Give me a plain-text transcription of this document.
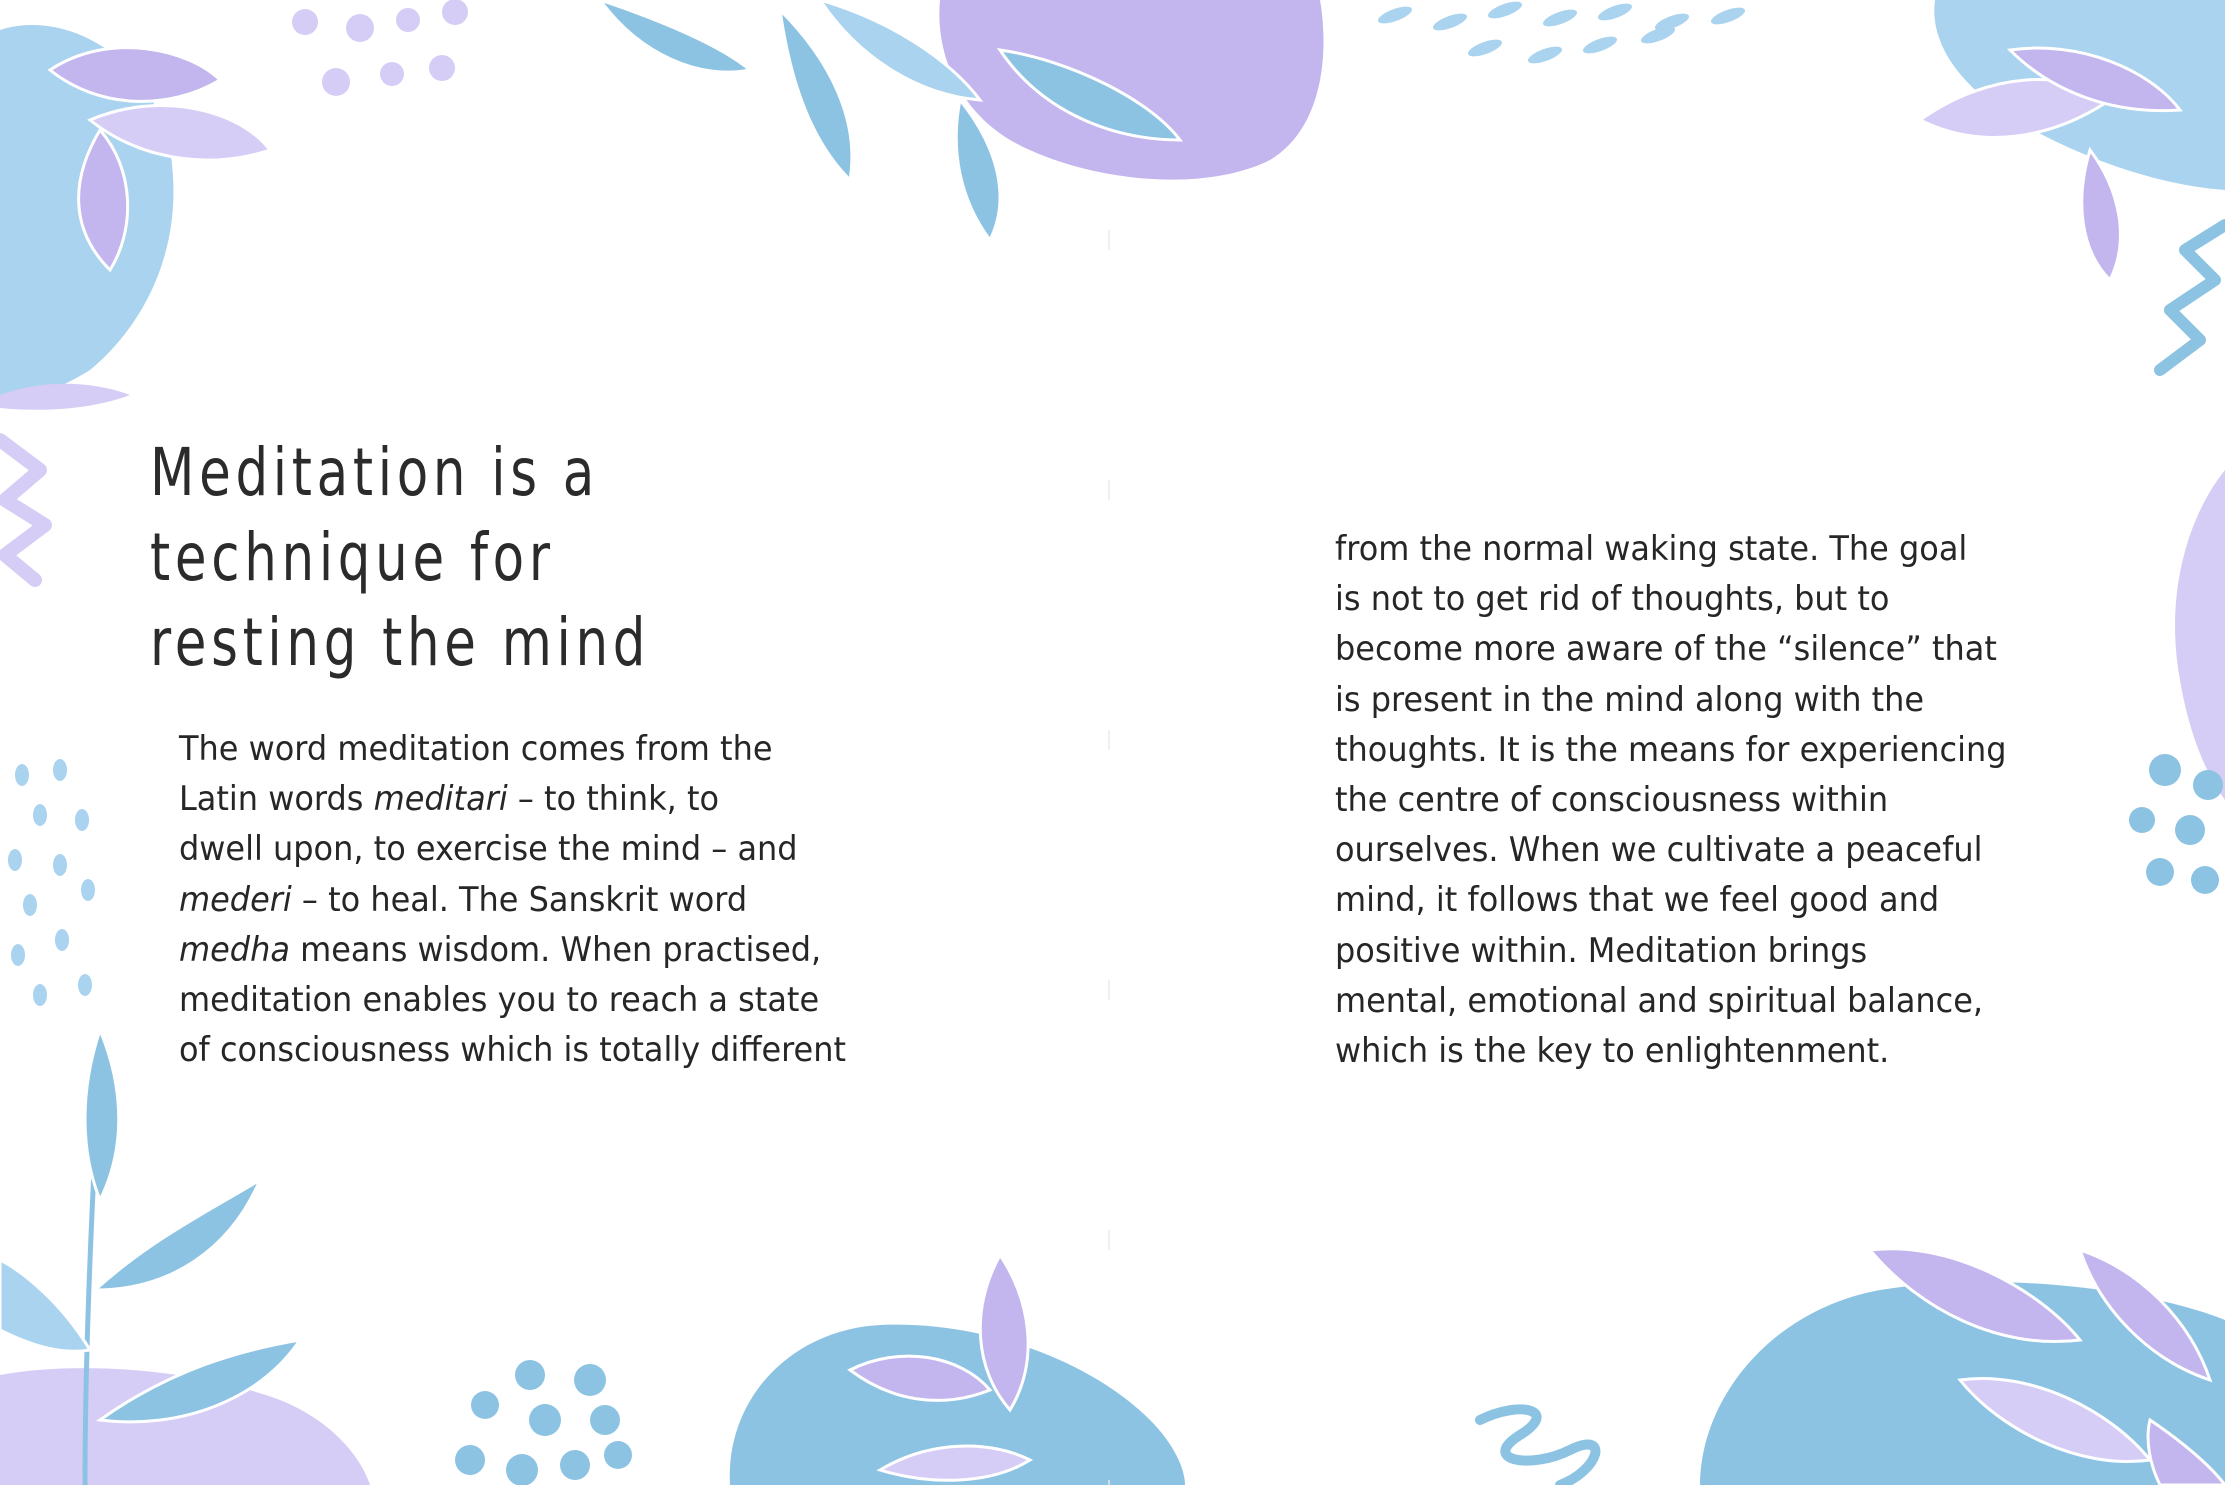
Meditation is a
technique for
resting the mind
The word meditation comes from the
Latin words meditari – to think, to
dwell upon, to exercise the mind – and
mederi – to heal. The Sanskrit word
medha means wisdom. When practised,
meditation enables you to reach a state
of consciousness which is totally different
from the normal waking state. The goal
is not to get rid of thoughts, but to
become more aware of the “silence” that
is present in the mind along with the
thoughts. It is the means for experiencing
the centre of consciousness within
ourselves. When we cultivate a peaceful
mind, it follows that we feel good and
positive within. Meditation brings
mental, emotional and spiritual balance,
which is the key to enlightenment.
